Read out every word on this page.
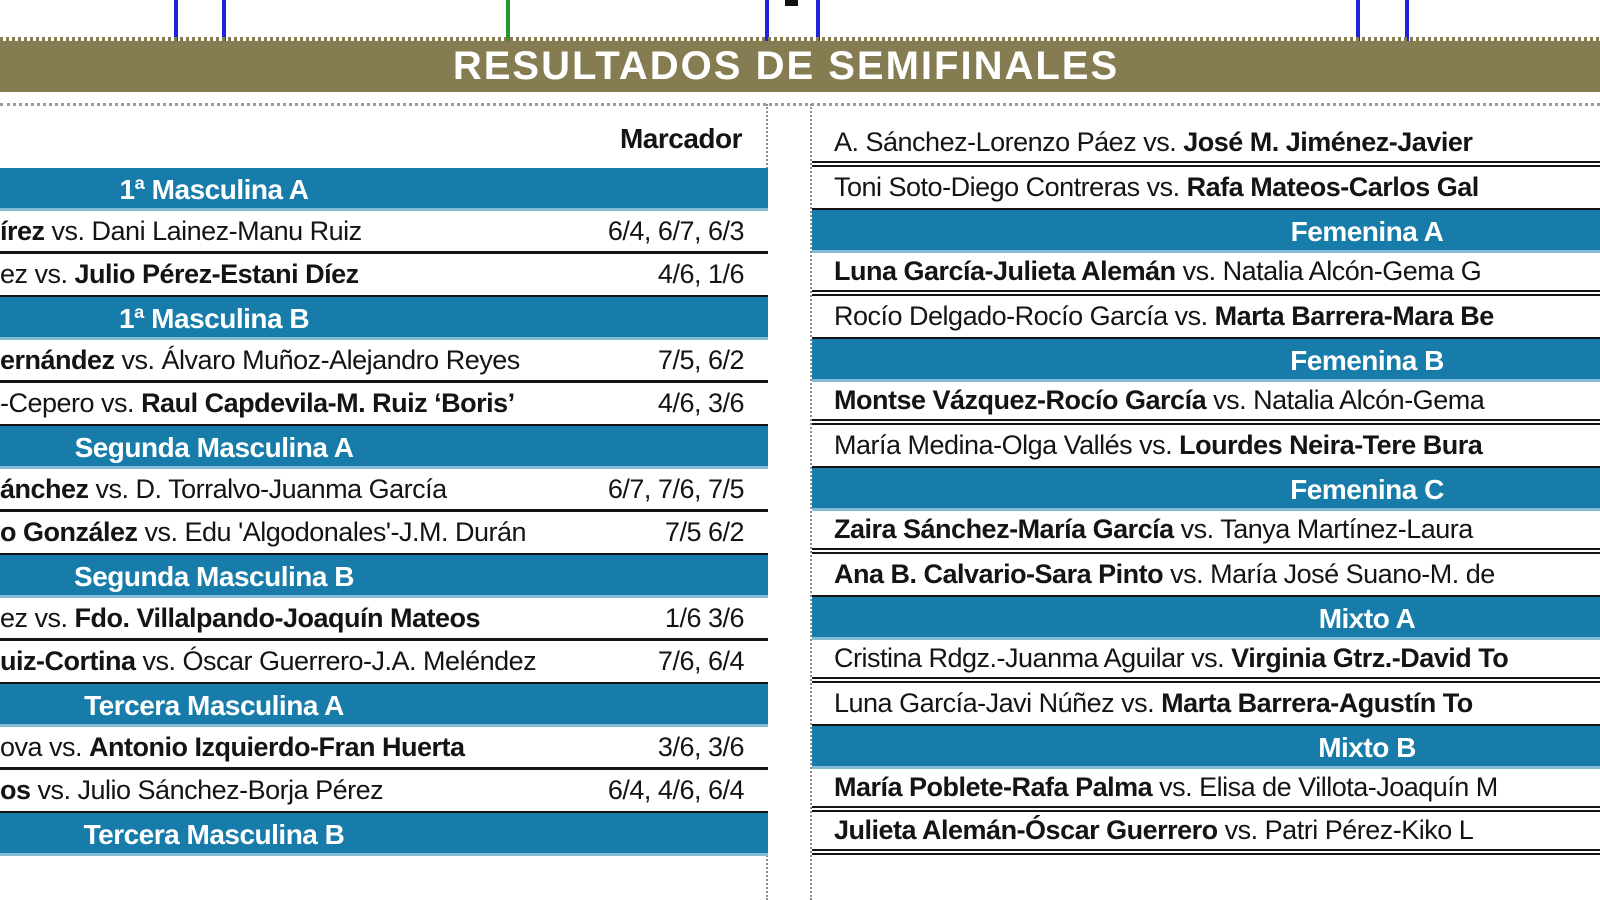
RESULTADOS DE SEMIFINALES
Marcador
1ª Masculina A
írez vs. Dani Lainez-Manu Ruiz	6/4, 6/7, 6/3
ez vs. Julio Pérez-Estani Díez	4/6, 1/6
1ª Masculina B
ernández vs. Álvaro Muñoz-Alejandro Reyes	7/5, 6/2
-Cepero vs. Raul Capdevila-M. Ruiz ‘Boris’	4/6, 3/6
Segunda Masculina A
ánchez vs. D. Torralvo-Juanma García	6/7, 7/6, 7/5
o González vs. Edu 'Algodonales'-J.M. Durán	7/5 6/2
Segunda Masculina B
ez vs. Fdo. Villalpando-Joaquín Mateos	1/6 3/6
uiz-Cortina vs. Óscar Guerrero-J.A. Meléndez	7/6, 6/4
Tercera Masculina A
ova vs. Antonio Izquierdo-Fran Huerta	3/6, 3/6
os vs. Julio Sánchez-Borja Pérez	6/4, 4/6, 6/4
Tercera Masculina B
A. Sánchez-Lorenzo Páez vs. José M. Jiménez-Javier
Toni Soto-Diego Contreras vs. Rafa Mateos-Carlos Gal
Femenina A
Luna García-Julieta Alemán vs. Natalia Alcón-Gema G
Rocío Delgado-Rocío García vs. Marta Barrera-Mara Be
Femenina B
Montse Vázquez-Rocío García vs. Natalia Alcón-Gema
María Medina-Olga Vallés vs. Lourdes Neira-Tere Bura
Femenina C
Zaira Sánchez-María García vs. Tanya Martínez-Laura
Ana B. Calvario-Sara Pinto vs. María José Suano-M. de
Mixto A
Cristina Rdgz.-Juanma Aguilar vs. Virginia Gtrz.-David To
Luna García-Javi Núñez vs. Marta Barrera-Agustín To
Mixto B
María Poblete-Rafa Palma vs. Elisa de Villota-Joaquín M
Julieta Alemán-Óscar Guerrero vs. Patri Pérez-Kiko L
